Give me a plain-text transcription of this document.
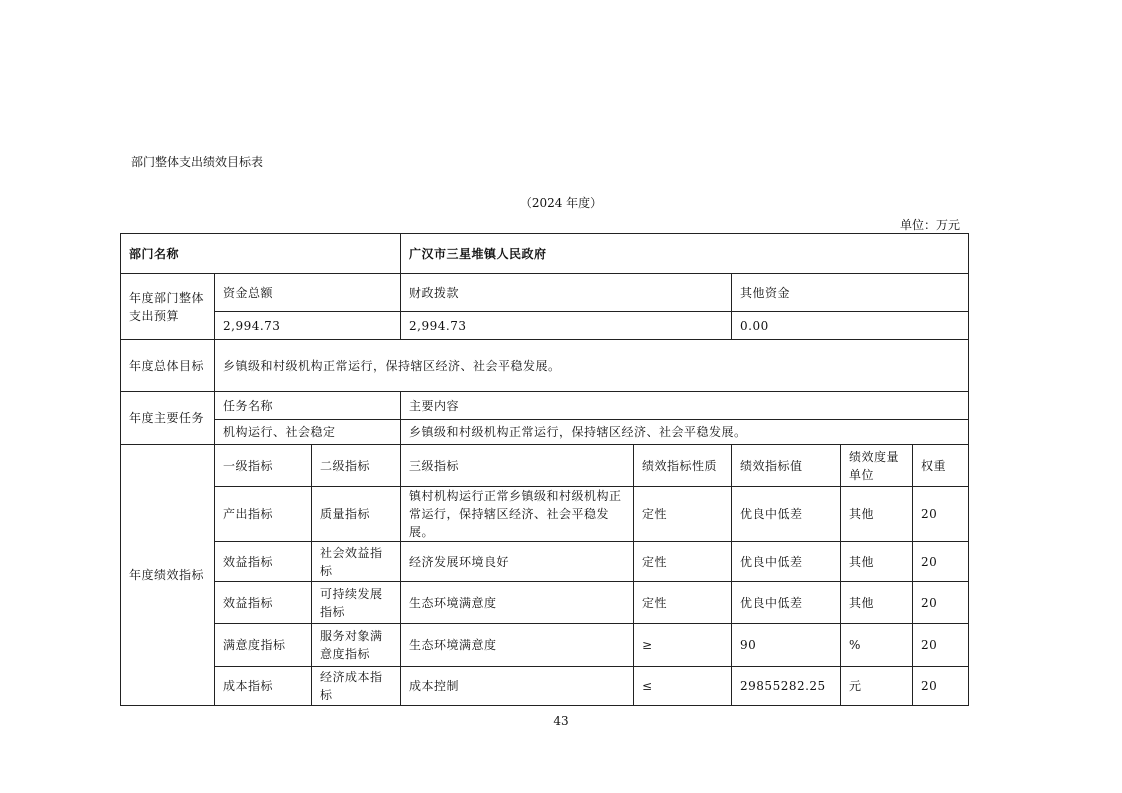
部门整体支出绩效目标表
（2024 年度）
单位：万元
部门名称			广汉市三星堆镇人民政府				
年度部门整体支出预算	资金总额		财政拨款		其他资金		
	2,994.73		2,994.73		0.00		
年度总体目标	乡镇级和村级机构正常运行，保持辖区经济、社会平稳发展。						
年度主要任务	任务名称		主要内容				
	机构运行、社会稳定		乡镇级和村级机构正常运行，保持辖区经济、社会平稳发展。				
年度绩效指标	一级指标	二级指标	三级指标	绩效指标性质	绩效指标值	绩效度量单位	权重
	产出指标	质量指标	镇村机构运行正常乡镇级和村级机构正常运行，保持辖区经济、社会平稳发展。	定性	优良中低差	其他	20
	效益指标	社会效益指标	经济发展环境良好	定性	优良中低差	其他	20
	效益指标	可持续发展指标	生态环境满意度	定性	优良中低差	其他	20
	满意度指标	服务对象满意度指标	生态环境满意度	≥	90	%	20
	成本指标	经济成本指标	成本控制	≤	29855282.25	元	20
43
